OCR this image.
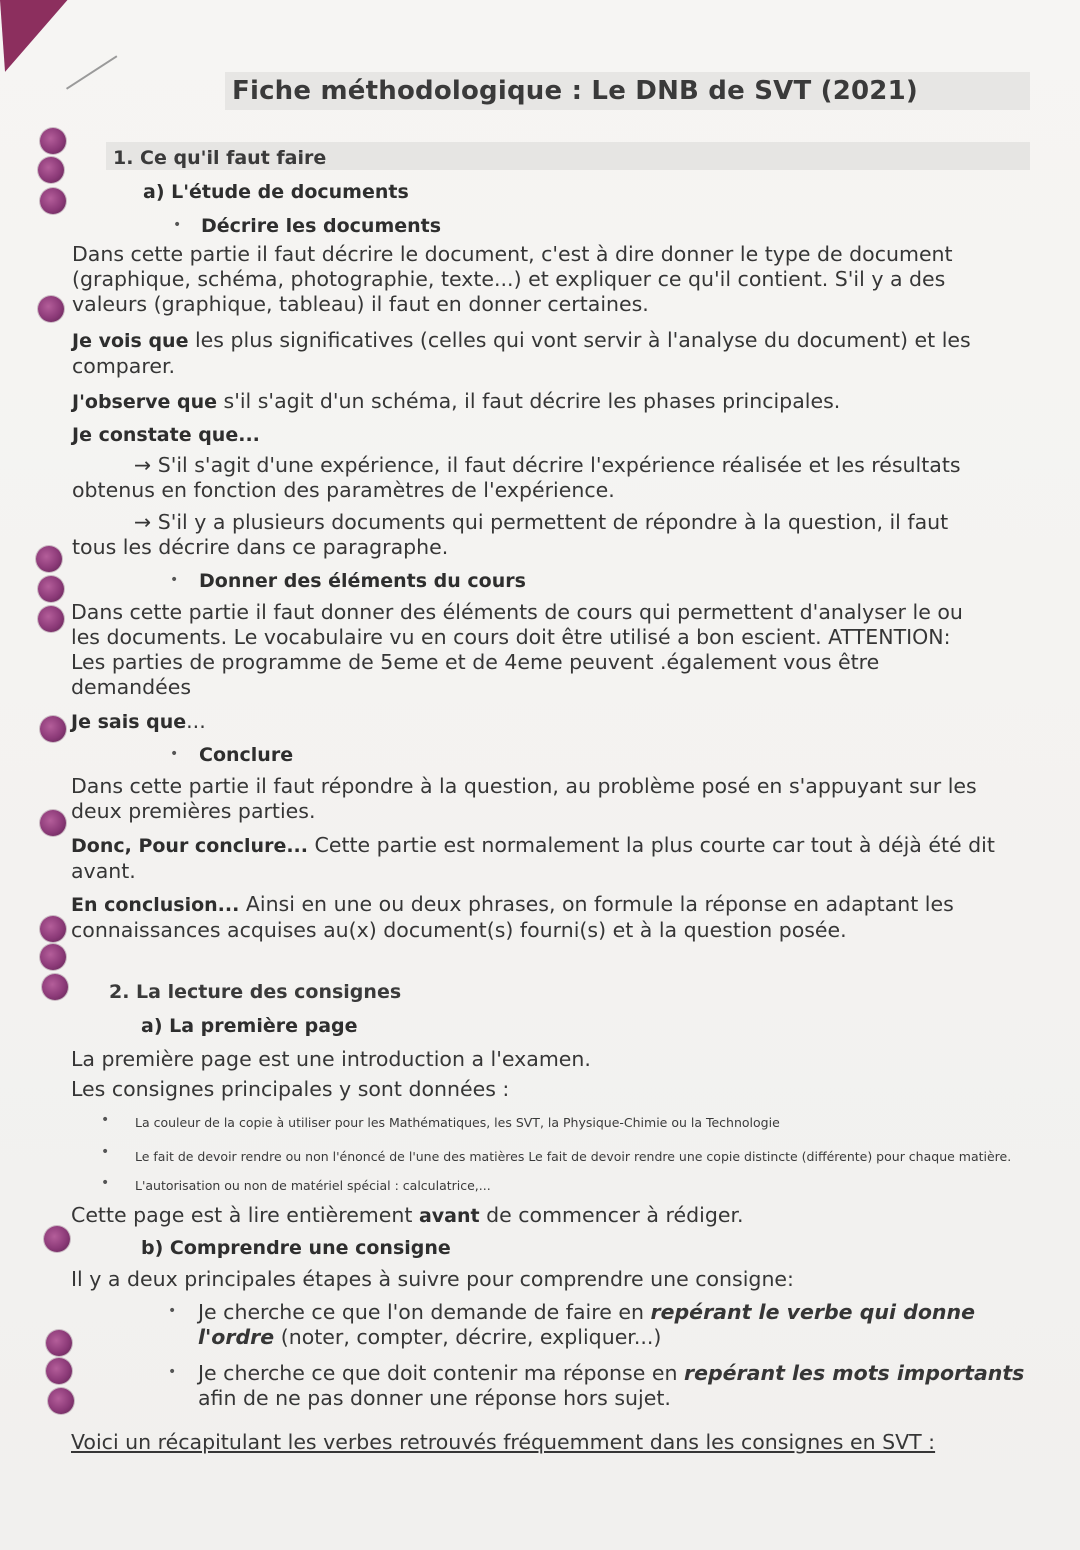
Fiche méthodologique : Le DNB de SVT (2021)
1. Ce qu'il faut faire
a) L'étude de documents
• Décrire les documents
Dans cette partie il faut décrire le document, c'est à dire donner le type de document
(graphique, schéma, photographie, texte...) et expliquer ce qu'il contient. S'il y a des
valeurs (graphique, tableau) il faut en donner certaines.
Je vois que les plus significatives (celles qui vont servir à l'analyse du document) et les
comparer.
J'observe que s'il s'agit d'un schéma, il faut décrire les phases principales.
Je constate que...
→ S'il s'agit d'une expérience, il faut décrire l'expérience réalisée et les résultats
obtenus en fonction des paramètres de l'expérience.
→ S'il y a plusieurs documents qui permettent de répondre à la question, il faut
tous les décrire dans ce paragraphe.
• Donner des éléments du cours
Dans cette partie il faut donner des éléments de cours qui permettent d'analyser le ou
les documents. Le vocabulaire vu en cours doit être utilisé a bon escient. ATTENTION:
Les parties de programme de 5eme et de 4eme peuvent .également vous être
demandées
Je sais que...
• Conclure
Dans cette partie il faut répondre à la question, au problème posé en s'appuyant sur les
deux premières parties.
Donc, Pour conclure... Cette partie est normalement la plus courte car tout à déjà été dit
avant.
En conclusion... Ainsi en une ou deux phrases, on formule la réponse en adaptant les
connaissances acquises au(x) document(s) fourni(s) et à la question posée.
2. La lecture des consignes
a) La première page
La première page est une introduction a l'examen.
Les consignes principales y sont données :
• La couleur de la copie à utiliser pour les Mathématiques, les SVT, la Physique-Chimie ou la Technologie
• Le fait de devoir rendre ou non l'énoncé de l'une des matières Le fait de devoir rendre une copie distincte (différente) pour chaque matière.
• L'autorisation ou non de matériel spécial : calculatrice,...
Cette page est à lire entièrement avant de commencer à rédiger.
b) Comprendre une consigne
Il y a deux principales étapes à suivre pour comprendre une consigne:
• Je cherche ce que l'on demande de faire en repérant le verbe qui donne
l'ordre (noter, compter, décrire, expliquer...)
• Je cherche ce que doit contenir ma réponse en repérant les mots importants
afin de ne pas donner une réponse hors sujet.
Voici un récapitulant les verbes retrouvés fréquemment dans les consignes en SVT :
